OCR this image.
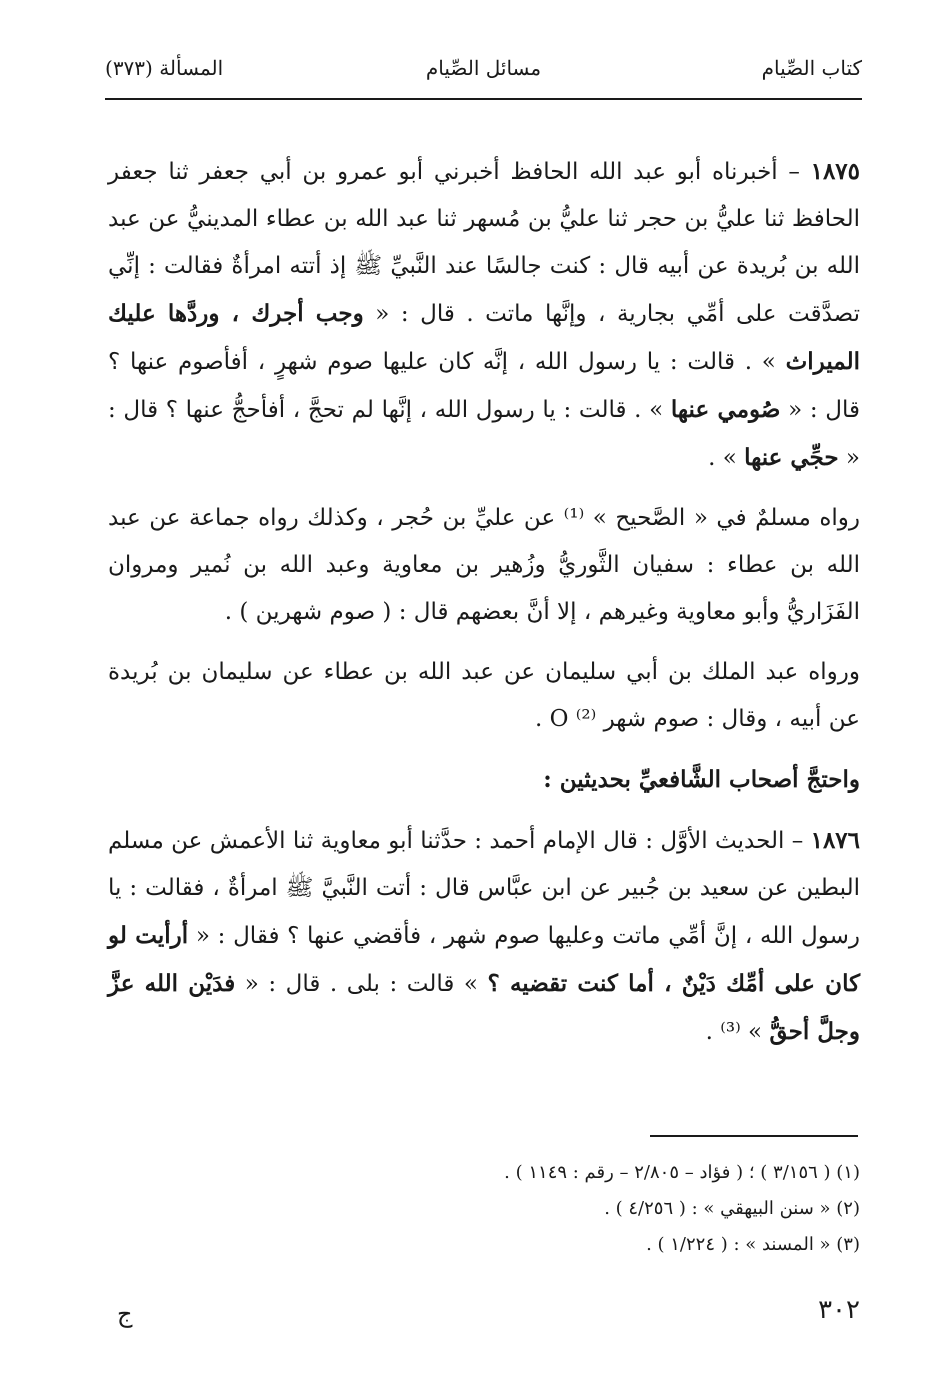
كتاب الصِّيام
مسائل الصِّيام
المسألة (٣٧٣)

١٨٧٥ – أخبرناه أبو عبد الله الحافظ أخبرني أبو عمرو بن أبي جعفر ثنا جعفر الحافظ ثنا عليُّ بن حجر ثنا عليُّ بن مُسهر ثنا عبد الله بن عطاء المدينيُّ عن عبد الله بن بُريدة عن أبيه قال : كنت جالسًا عند النَّبيِّ ﷺ إذ أتته امرأةٌ فقالت : إنِّي تصدَّقت على أمِّي بجارية ، وإنَّها ماتت . قال : « وجب أجرك ، وردَّها عليك الميراث » . قالت : يا رسول الله ، إنَّه كان عليها صوم شهرٍ ، أفأصوم عنها ؟ قال : « صُومي عنها » . قالت : يا رسول الله ، إنَّها لم تحجَّ ، أفأحجُّ عنها ؟ قال : « حجِّي عنها » .

رواه مسلمٌ في « الصَّحيح » ⁽¹⁾ عن عليِّ بن حُجر ، وكذلك رواه جماعة عن عبد الله بن عطاء : سفيان الثَّوريُّ وزُهير بن معاوية وعبد الله بن نُمير ومروان الفَزَاريُّ وأبو معاوية وغيرهم ، إلا أنَّ بعضهم قال : ( صوم شهرين ) .

ورواه عبد الملك بن أبي سليمان عن عبد الله بن عطاء عن سليمان بن بُريدة عن أبيه ، وقال : صوم شهر ⁽²⁾ O .

واحتجَّ أصحاب الشَّافعيِّ بحديثين :

١٨٧٦ – الحديث الأوَّل : قال الإمام أحمد : حدَّثنا أبو معاوية ثنا الأعمش عن مسلم البطين عن سعيد بن جُبير عن ابن عبَّاس قال : أتت النَّبيَّ ﷺ امرأةٌ ، فقالت : يا رسول الله ، إنَّ أمِّي ماتت وعليها صوم شهر ، فأقضي عنها ؟ فقال : « أرأيت لو كان على أمِّك دَيْنٌ ، أما كنت تقضيه ؟ » قالت : بلى . قال : « فدَيْن الله عزَّ وجلَّ أحقُّ » ⁽³⁾ .

(١) ( ٣/١٥٦ ) ؛ ( فؤاد – ٢/٨٠٥ – رقم : ١١٤٩ ) .
(٢) « سنن البيهقي » : ( ٤/٢٥٦ ) .
(٣) « المسند » : ( ١/٢٢٤ ) .
٣٠٢
ج
